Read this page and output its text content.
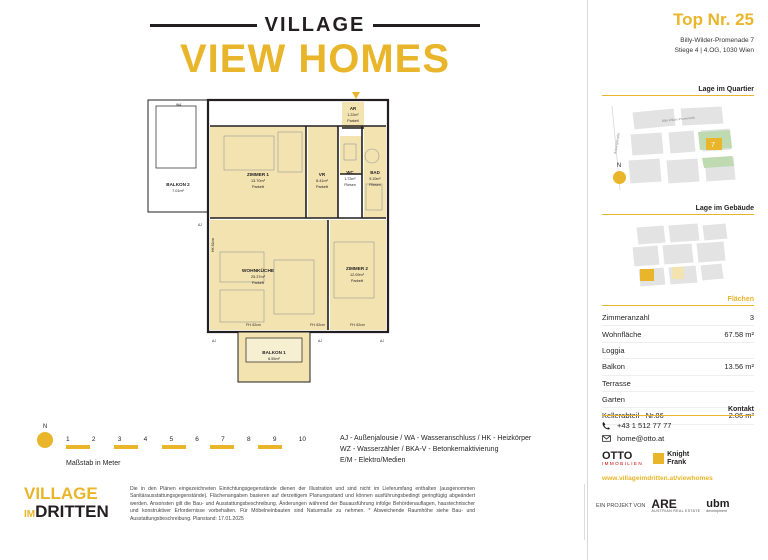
VILLAGE
VIEW HOMES
BALKON 2
7.01m²
ZIMMER 1
13.70m²
Parkett
VR
8.41m²
Parkett
WC
1.72m²
Fliesen
AR
1.22m²
Parkett
BAD
5.10m²
Fliesen
WOHNKÜCHE
25.37m²
Parkett
ZIMMER 2
12.09m²
Parkett
BALKON 1
6.55m²
WA
AJ
AJ	AJ	AJ
HK 62cm
FH: 62cm	FH: 62cm	FH: 62cm
N
1	2	3	4	5	6	7	8	9	10
Maßstab in Meter
AJ - Außenjalousie / WA - Wasseranschluss / HK - Heizkörper
WZ - Wasserzähler / BKA-V - Betonkernaktivierung
E/M - Elektro/Medien
VILLAGE
IMDRITTEN
Die in den Plänen eingezeichneten Einrichtungsgegenstände dienen der Illustration und sind nicht im Lieferumfang enthalten (ausgenommen Sanitärausstattungsgegenstände). Flächenangaben basieren auf derzeitigem Planungsstand und können ausführungsbedingt geringfügig abgeändert werden. Ansonsten gilt die Bau- und Ausstattungsbeschreibung. Änderungen während der Bauausführung infolge Behördenauflagen, haustechnischer und konstruktiver Erfordernisse vorbehalten. Für Möbelneinbauten sind Naturmaße zu nehmen. * Abweichende Raumhöhe siehe Bau- und Ausstattungsbeschreibung. Planstand: 17.01.2025
EIN PROJEKT VON ARE
AUSTRIAN REAL ESTATE
ubm
development
Top Nr. 25
Billy-Wilder-Promenade 7
Stiege 4 | 4.OG, 1030 Wien
Lage im Quartier
7
Aspangstraße
Billy-Wilder-Promenade
N
Lage im Gebäude
Flächen
Zimmeranzahl	3
Wohnfläche	67.58 m²
Loggia
Balkon	13.56 m²
Terrasse
Garten
Kellerabteil - Nr.86	2.06 m²
Kontakt
+43 1 512 77 77
home@otto.at
OTTO
IMMOBILIEN
Knight
Frank
www.villageimdritten.at/viewhomes
